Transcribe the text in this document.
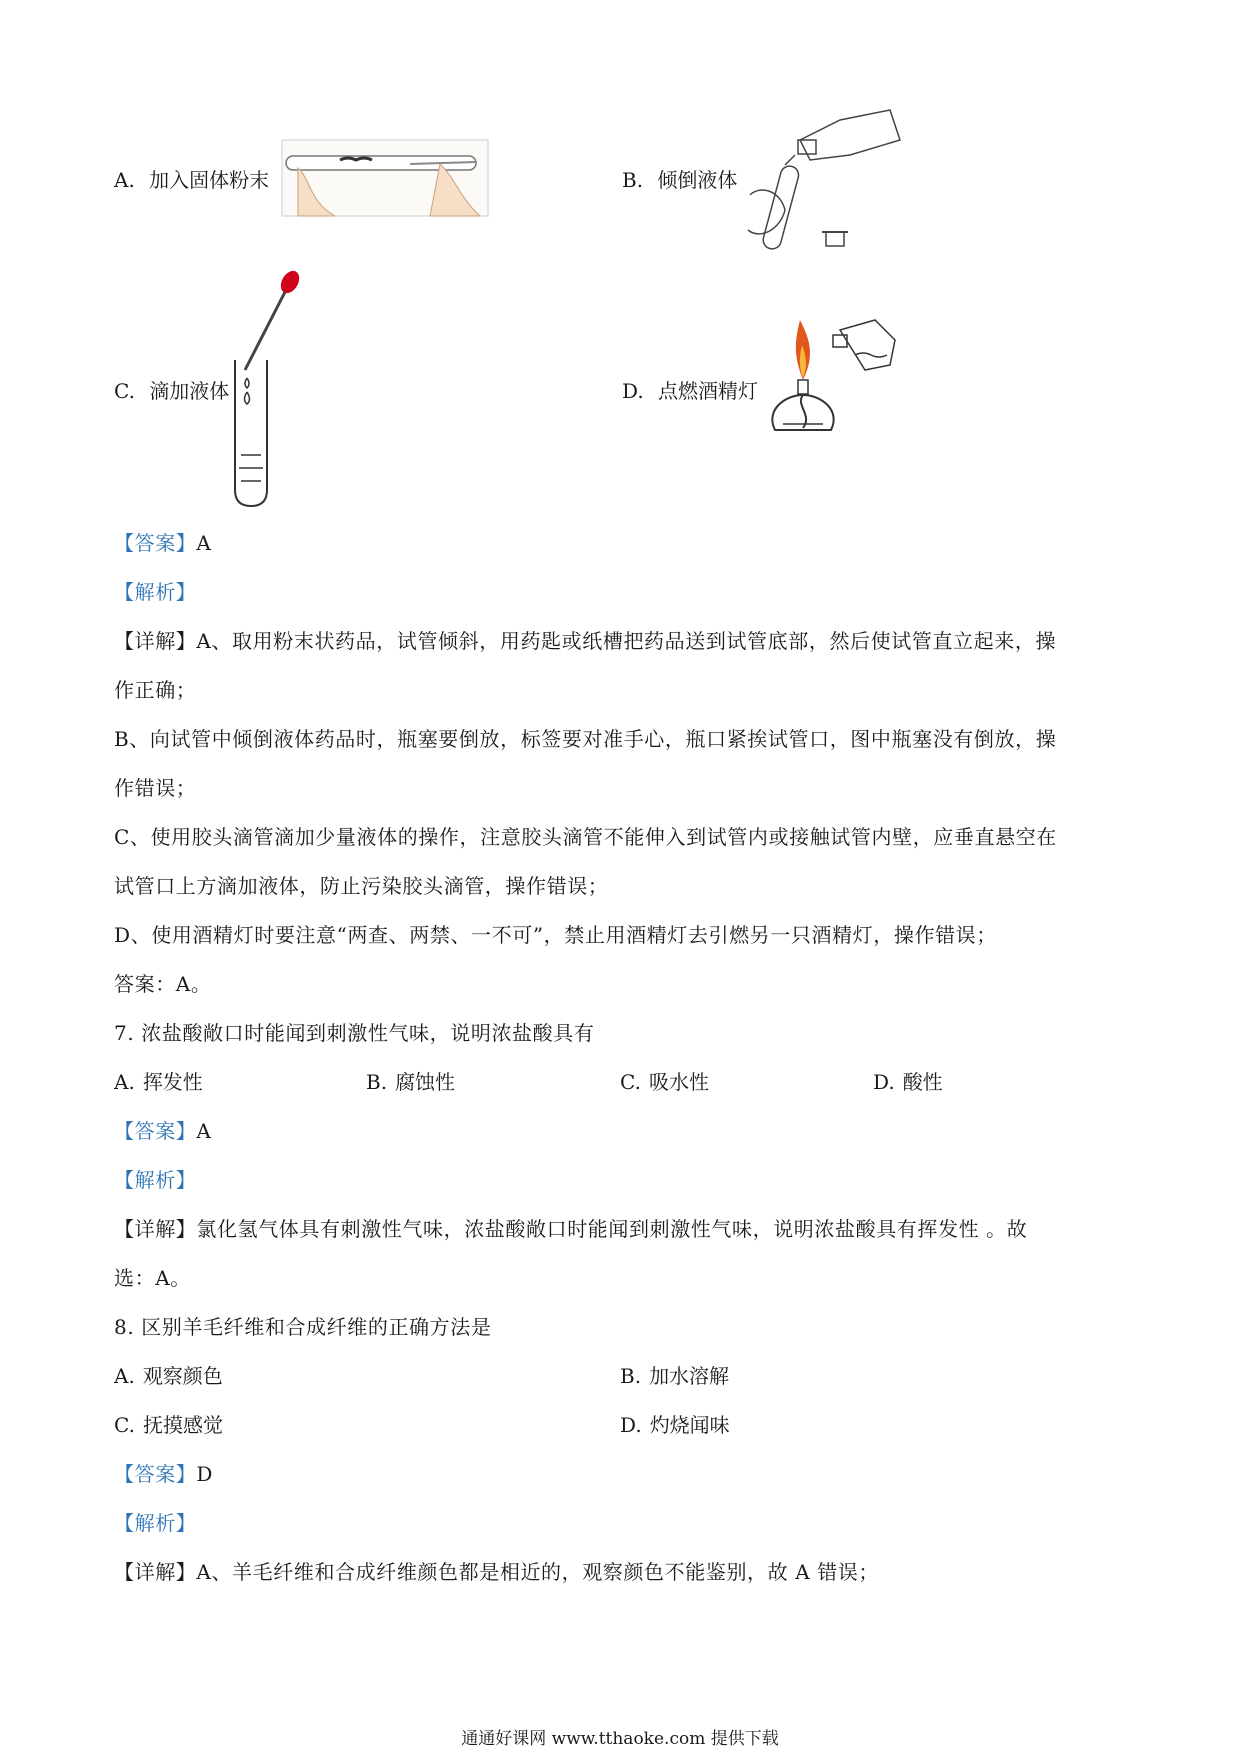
A. 加入固体粉末	B. 倾倒液体
C. 滴加液体	D. 点燃酒精灯
【答案】A
【解析】
【详解】A、取用粉末状药品，试管倾斜，用药匙或纸槽把药品送到试管底部，然后使试管直立起来，操
作正确；
B、向试管中倾倒液体药品时，瓶塞要倒放，标签要对准手心，瓶口紧挨试管口，图中瓶塞没有倒放，操
作错误；
C、使用胶头滴管滴加少量液体的操作，注意胶头滴管不能伸入到试管内或接触试管内壁，应垂直悬空在
试管口上方滴加液体，防止污染胶头滴管，操作错误；
D、使用酒精灯时要注意“两查、两禁、一不可”，禁止用酒精灯去引燃另一只酒精灯，操作错误；
答案：A。
7. 浓盐酸敞口时能闻到刺激性气味，说明浓盐酸具有
A. 挥发性	B. 腐蚀性	C. 吸水性	D. 酸性
【答案】A
【解析】
【详解】氯化氢气体具有刺激性气味，浓盐酸敞口时能闻到刺激性气味，说明浓盐酸具有挥发性 。故
选：A。
8. 区别羊毛纤维和合成纤维的正确方法是
A. 观察颜色	B. 加水溶解
C. 抚摸感觉	D. 灼烧闻味
【答案】D
【解析】
【详解】A、羊毛纤维和合成纤维颜色都是相近的，观察颜色不能鉴别，故 A 错误；
通通好课网 www.tthaoke.com 提供下载
